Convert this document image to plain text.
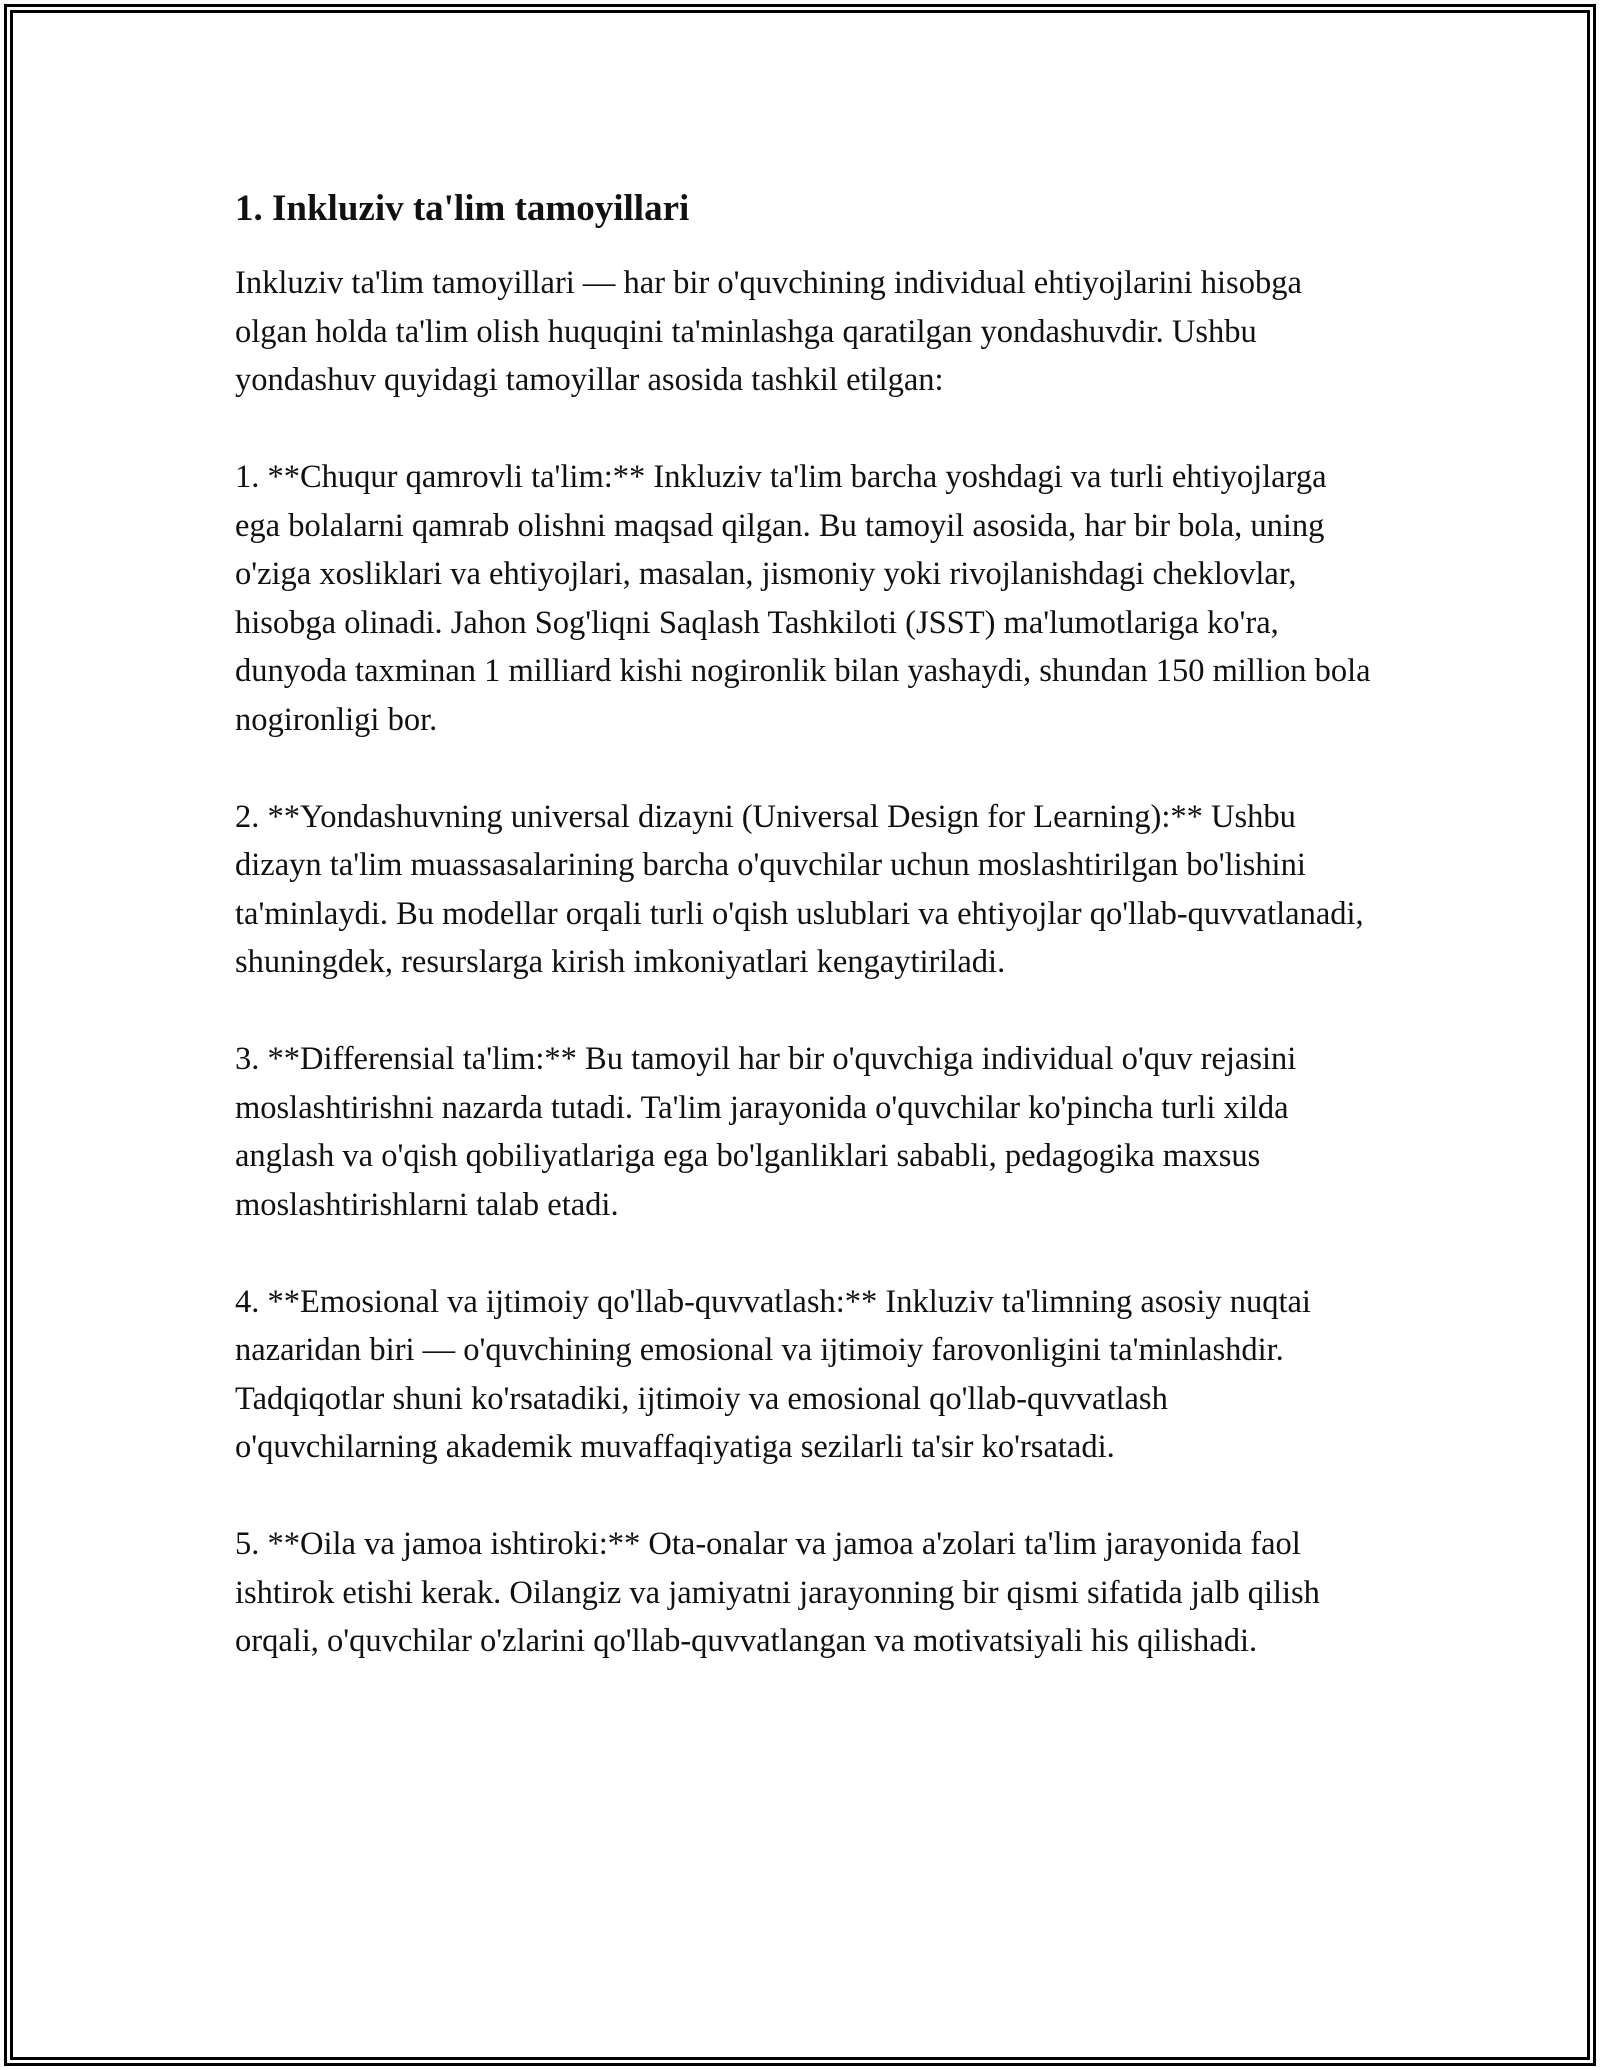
1. Inkluziv ta'lim tamoyillari

Inkluziv ta'lim tamoyillari — har bir o'quvchining individual ehtiyojlarini hisobga olgan holda ta'lim olish huquqini ta'minlashga qaratilgan yondashuvdir. Ushbu yondashuv quyidagi tamoyillar asosida tashkil etilgan:

1. **Chuqur qamrovli ta'lim:** Inkluziv ta'lim barcha yoshdagi va turli ehtiyojlarga ega bolalarni qamrab olishni maqsad qilgan. Bu tamoyil asosida, har bir bola, uning o'ziga xosliklari va ehtiyojlari, masalan, jismoniy yoki rivojlanishdagi cheklovlar, hisobga olinadi. Jahon Sog'liqni Saqlash Tashkiloti (JSST) ma'lumotlariga ko'ra, dunyoda taxminan 1 milliard kishi nogironlik bilan yashaydi, shundan 150 million bola nogironligi bor.

2. **Yondashuvning universal dizayni (Universal Design for Learning):** Ushbu dizayn ta'lim muassasalarining barcha o'quvchilar uchun moslashtirilgan bo'lishini ta'minlaydi. Bu modellar orqali turli o'qish uslublari va ehtiyojlar qo'llab-quvvatlanadi, shuningdek, resurslarga kirish imkoniyatlari kengaytiriladi.

3. **Differensial ta'lim:** Bu tamoyil har bir o'quvchiga individual o'quv rejasini moslashtirishni nazarda tutadi. Ta'lim jarayonida o'quvchilar ko'pincha turli xilda anglash va o'qish qobiliyatlariga ega bo'lganliklari sababli, pedagogika maxsus moslashtirishlarni talab etadi.

4. **Emosional va ijtimoiy qo'llab-quvvatlash:** Inkluziv ta'limning asosiy nuqtai nazaridan biri — o'quvchining emosional va ijtimoiy farovonligini ta'minlashdir. Tadqiqotlar shuni ko'rsatadiki, ijtimoiy va emosional qo'llab-quvvatlash o'quvchilarning akademik muvaffaqiyatiga sezilarli ta'sir ko'rsatadi.

5. **Oila va jamoa ishtiroki:** Ota-onalar va jamoa a'zolari ta'lim jarayonida faol ishtirok etishi kerak. Oilangiz va jamiyatni jarayonning bir qismi sifatida jalb qilish orqali, o'quvchilar o'zlarini qo'llab-quvvatlangan va motivatsiyali his qilishadi.
